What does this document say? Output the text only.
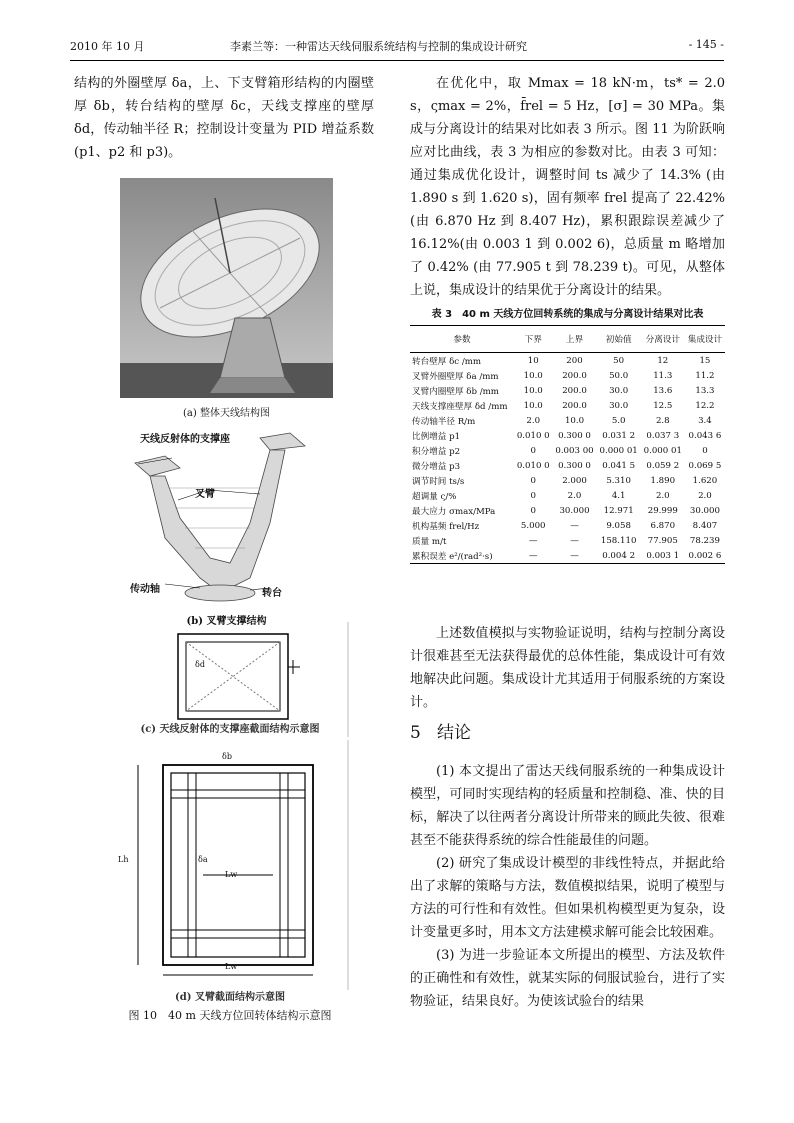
2010 年 10 月	李素兰等：一种雷达天线伺服系统结构与控制的集成设计研究	- 145 -

结构的外圈壁厚 δa，上、下支臂箱形结构的内圈壁厚 δb，转台结构的壁厚 δc，天线支撑座的壁厚 δd，传动轴半径 R；控制设计变量为 PID 增益系数(p1、p2 和 p3)。

(a) 整体天线结构图
天线反射体的支撑座
叉臂
传动轴	转台
(b) 叉臂支撑结构
δd
(c) 天线反射体的支撑座截面结构示意图
Lw
Lw
Lh	δa
δb
(d) 叉臂截面结构示意图
图 10　40 m 天线方位回转体结构示意图

在优化中，取 Mmax = 18 kN·m，ts* = 2.0 s，ςmax = 2%，f̄rel = 5 Hz，[σ] = 30 MPa。集成与分离设计的结果对比如表 3 所示。图 11 为阶跃响应对比曲线，表 3 为相应的参数对比。由表 3 可知：通过集成优化设计，调整时间 ts 减少了 14.3% (由 1.890 s 到 1.620 s)，固有频率 frel 提高了 22.42% (由 6.870 Hz 到 8.407 Hz)，累积跟踪误差减少了 16.12%(由 0.003 1 到 0.002 6)，总质量 m 略增加了 0.42% (由 77.905 t 到 78.239 t)。可见，从整体上说，集成设计的结果优于分离设计的结果。

表 3　40 m 天线方位回转系统的集成与分离设计结果对比表
参数	下界	上界	初始值	分离设计	集成设计
转台壁厚 δc /mm	10	200	50	12	15
叉臂外圈壁厚 δa /mm	10.0	200.0	50.0	11.3	11.2
叉臂内圈壁厚 δb /mm	10.0	200.0	30.0	13.6	13.3
天线支撑座壁厚 δd /mm	10.0	200.0	30.0	12.5	12.2
传动轴半径 R/m	2.0	10.0	5.0	2.8	3.4
比例增益 p1	0.010 0	0.300 0	0.031 2	0.037 3	0.043 6
积分增益 p2	0	0.003 00	0.000 01	0.000 01	0
微分增益 p3	0.010 0	0.300 0	0.041 5	0.059 2	0.069 5
调节时间 ts/s	0	2.000	5.310	1.890	1.620
超调量 ς/%	0	2.0	4.1	2.0	2.0
最大应力 σmax/MPa	0	30.000	12.971	29.999	30.000
机构基频 frel/Hz	5.000	—	9.058	6.870	8.407
质量 m/t	—	—	158.110	77.905	78.239
累积误差 e²/(rad²·s)	—	—	0.004 2	0.003 1	0.002 6

上述数值模拟与实物验证说明，结构与控制分离设计很难甚至无法获得最优的总体性能，集成设计可有效地解决此问题。集成设计尤其适用于伺服系统的方案设计。

5 结论

(1) 本文提出了雷达天线伺服系统的一种集成设计模型，可同时实现结构的轻质量和控制稳、准、快的目标，解决了以往两者分离设计所带来的顾此失彼、很难甚至不能获得系统的综合性能最佳的问题。

(2) 研究了集成设计模型的非线性特点，并据此给出了求解的策略与方法，数值模拟结果，说明了模型与方法的可行性和有效性。但如果机构模型更为复杂，设计变量更多时，用本文方法建模求解可能会比较困难。

(3) 为进一步验证本文所提出的模型、方法及软件的正确性和有效性，就某实际的伺服试验台，进行了实物验证，结果良好。为使该试验台的结果
